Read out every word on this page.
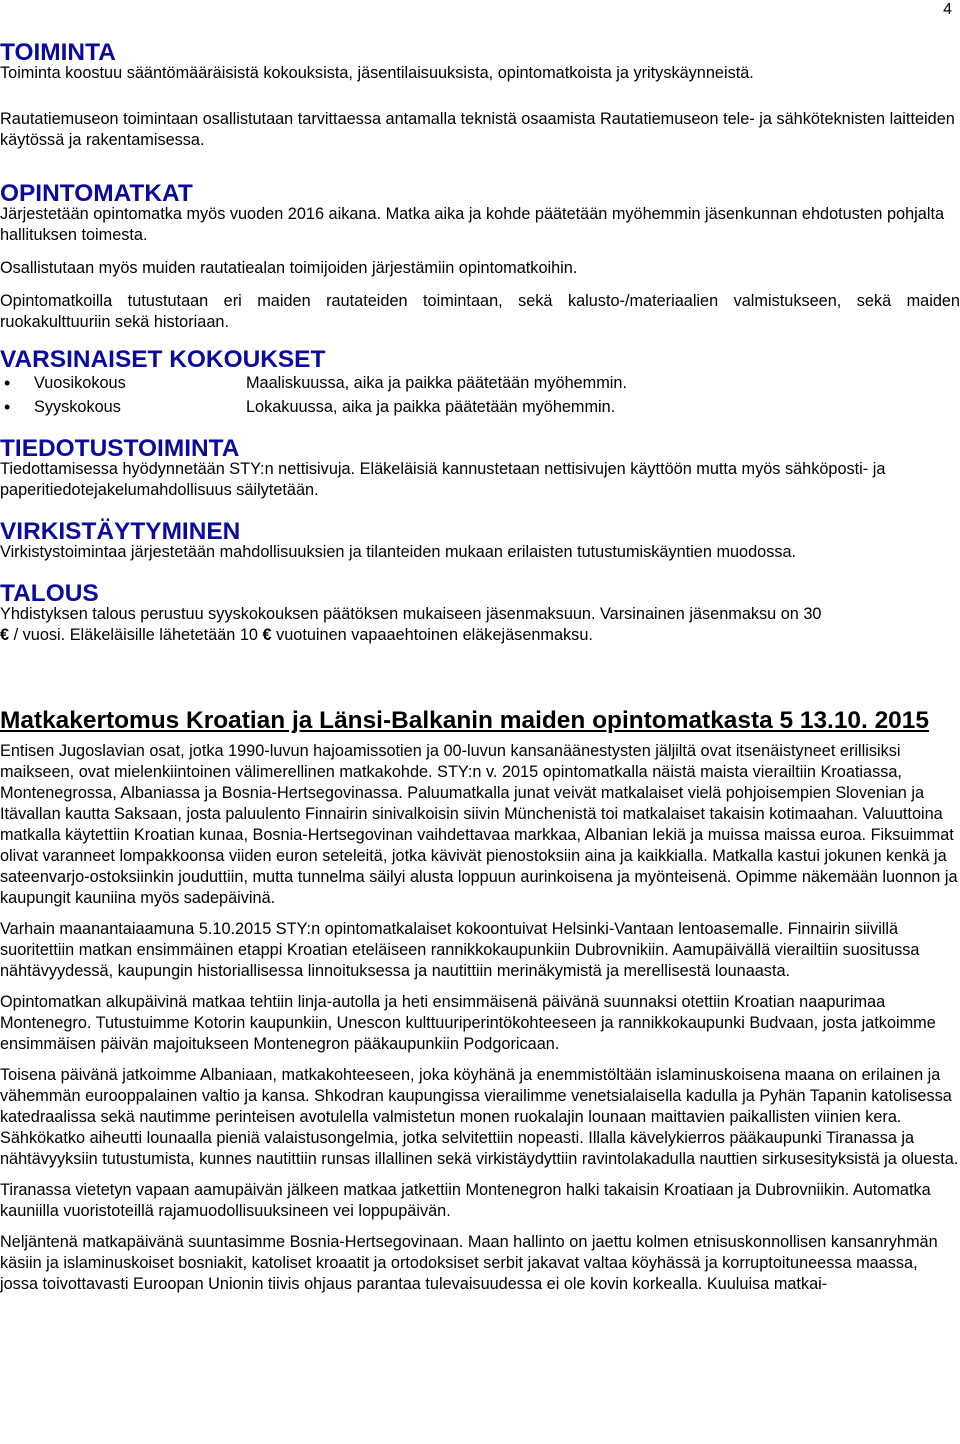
4
TOIMINTA

Toiminta koostuu sääntömääräisistä kokouksista, jäsentilaisuuksista, opintomatkoista ja yrityskäynneistä.

Rautatiemuseon toimintaan osallistutaan tarvittaessa antamalla teknistä osaamista Rautatiemuseon tele- ja sähköteknisten laitteiden käytössä ja rakentamisessa.

OPINTOMATKAT

Järjestetään opintomatka myös vuoden 2016 aikana. Matka aika ja kohde päätetään myöhemmin jäsenkunnan ehdotusten pohjalta hallituksen toimesta.

Osallistutaan myös muiden rautatiealan toimijoiden järjestämiin opintomatkoihin.

Opintomatkoilla tutustutaan eri maiden rautateiden toimintaan, sekä kalusto-/materiaalien valmistukseen, sekä maiden ruokakulttuuriin sekä historiaan.

VARSINAISET KOKOUKSET
• Vuosikokous	Maaliskuussa, aika ja paikka päätetään myöhemmin.
• Syyskokous	Lokakuussa, aika ja paikka päätetään myöhemmin.
TIEDOTUSTOIMINTA

Tiedottamisessa hyödynnetään STY:n nettisivuja. Eläkeläisiä kannustetaan nettisivujen käyttöön mutta myös sähköposti- ja paperitiedotejakelumahdollisuus säilytetään.

VIRKISTÄYTYMINEN

Virkistystoimintaa järjestetään mahdollisuuksien ja tilanteiden mukaan erilaisten tutustumiskäyntien muodossa.

TALOUS

Yhdistyksen talous perustuu syyskokouksen päätöksen mukaiseen jäsenmaksuun. Varsinainen jäsenmaksu on 30
€ / vuosi. Eläkeläisille lähetetään 10 € vuotuinen vapaaehtoinen eläkejäsenmaksu.

Matkakertomus Kroatian ja Länsi-Balkanin maiden opintomatkasta 5 13.10. 2015

Entisen Jugoslavian osat, jotka 1990-luvun hajoamissotien ja 00-luvun kansanäänestysten jäljiltä ovat itsenäistyneet erillisiksi maikseen, ovat mielenkiintoinen välimerellinen matkakohde. STY:n v. 2015 opintomatkalla näistä maista vierailtiin Kroatiassa, Montenegrossa, Albaniassa ja Bosnia-Hertsegovinassa. Paluumatkalla junat veivät matkalaiset vielä pohjoisempien Slovenian ja Itävallan kautta Saksaan, josta paluulento Finnairin sinivalkoisin siivin Münchenistä toi matkalaiset takaisin kotimaahan. Valuuttoina matkalla käytettiin Kroatian kunaa, Bosnia-Hertsegovinan vaihdettavaa markkaa, Albanian lekiä ja muissa maissa euroa. Fiksuimmat olivat varanneet lompakkoonsa viiden euron seteleitä, jotka kävivät pienostoksiin aina ja kaikkialla. Matkalla kastui jokunen kenkä ja sateenvarjo-ostoksiinkin jouduttiin, mutta tunnelma säilyi alusta loppuun aurinkoisena ja myönteisenä. Opimme näkemään luonnon ja kaupungit kauniina myös sadepäivinä.

Varhain maanantaiaamuna 5.10.2015 STY:n opintomatkalaiset kokoontuivat Helsinki-Vantaan lentoasemalle. Finnairin siivillä suoritettiin matkan ensimmäinen etappi Kroatian eteläiseen rannikkokaupunkiin Dubrovnikiin. Aamupäivällä vierailtiin suositussa nähtävyydessä, kaupungin historiallisessa linnoituksessa ja nautittiin merinäkymistä ja merellisestä lounaasta.

Opintomatkan alkupäivinä matkaa tehtiin linja-autolla ja heti ensimmäisenä päivänä suunnaksi otettiin Kroatian naapurimaa Montenegro. Tutustuimme Kotorin kaupunkiin, Unescon kulttuuriperintökohteeseen ja rannikkokaupunki Budvaan, josta jatkoimme ensimmäisen päivän majoitukseen Montenegron pääkaupunkiin Podgoricaan.

Toisena päivänä jatkoimme Albaniaan, matkakohteeseen, joka köyhänä ja enemmistöltään islaminuskoisena maana on erilainen ja vähemmän eurooppalainen valtio ja kansa. Shkodran kaupungissa vierailimme venetsialaisella kadulla ja Pyhän Tapanin katolisessa katedraalissa sekä nautimme perinteisen avotulella valmistetun monen ruokalajin lounaan maittavien paikallisten viinien kera. Sähkökatko aiheutti lounaalla pieniä valaistusongelmia, jotka selvitettiin nopeasti. Illalla kävelykierros pääkaupunki Tiranassa ja nähtävyyksiin tutustumista, kunnes nautittiin runsas illallinen sekä virkistäydyttiin ravintolakadulla nauttien sirkusesityksistä ja oluesta.

Tiranassa vietetyn vapaan aamupäivän jälkeen matkaa jatkettiin Montenegron halki takaisin Kroatiaan ja Dubrovniikin. Automatka kauniilla vuoristoteillä rajamuodollisuuksineen vei loppupäivän.

Neljäntenä matkapäivänä suuntasimme Bosnia-Hertsegovinaan. Maan hallinto on jaettu kolmen etnisuskonnollisen kansanryhmän käsiin ja islaminuskoiset bosniakit, katoliset kroaatit ja ortodoksiset serbit jakavat valtaa köyhässä ja korruptoituneessa maassa, jossa toivottavasti Euroopan Unionin tiivis ohjaus parantaa tulevaisuudessa ei ole kovin korkealla. Kuuluisa matkai-
